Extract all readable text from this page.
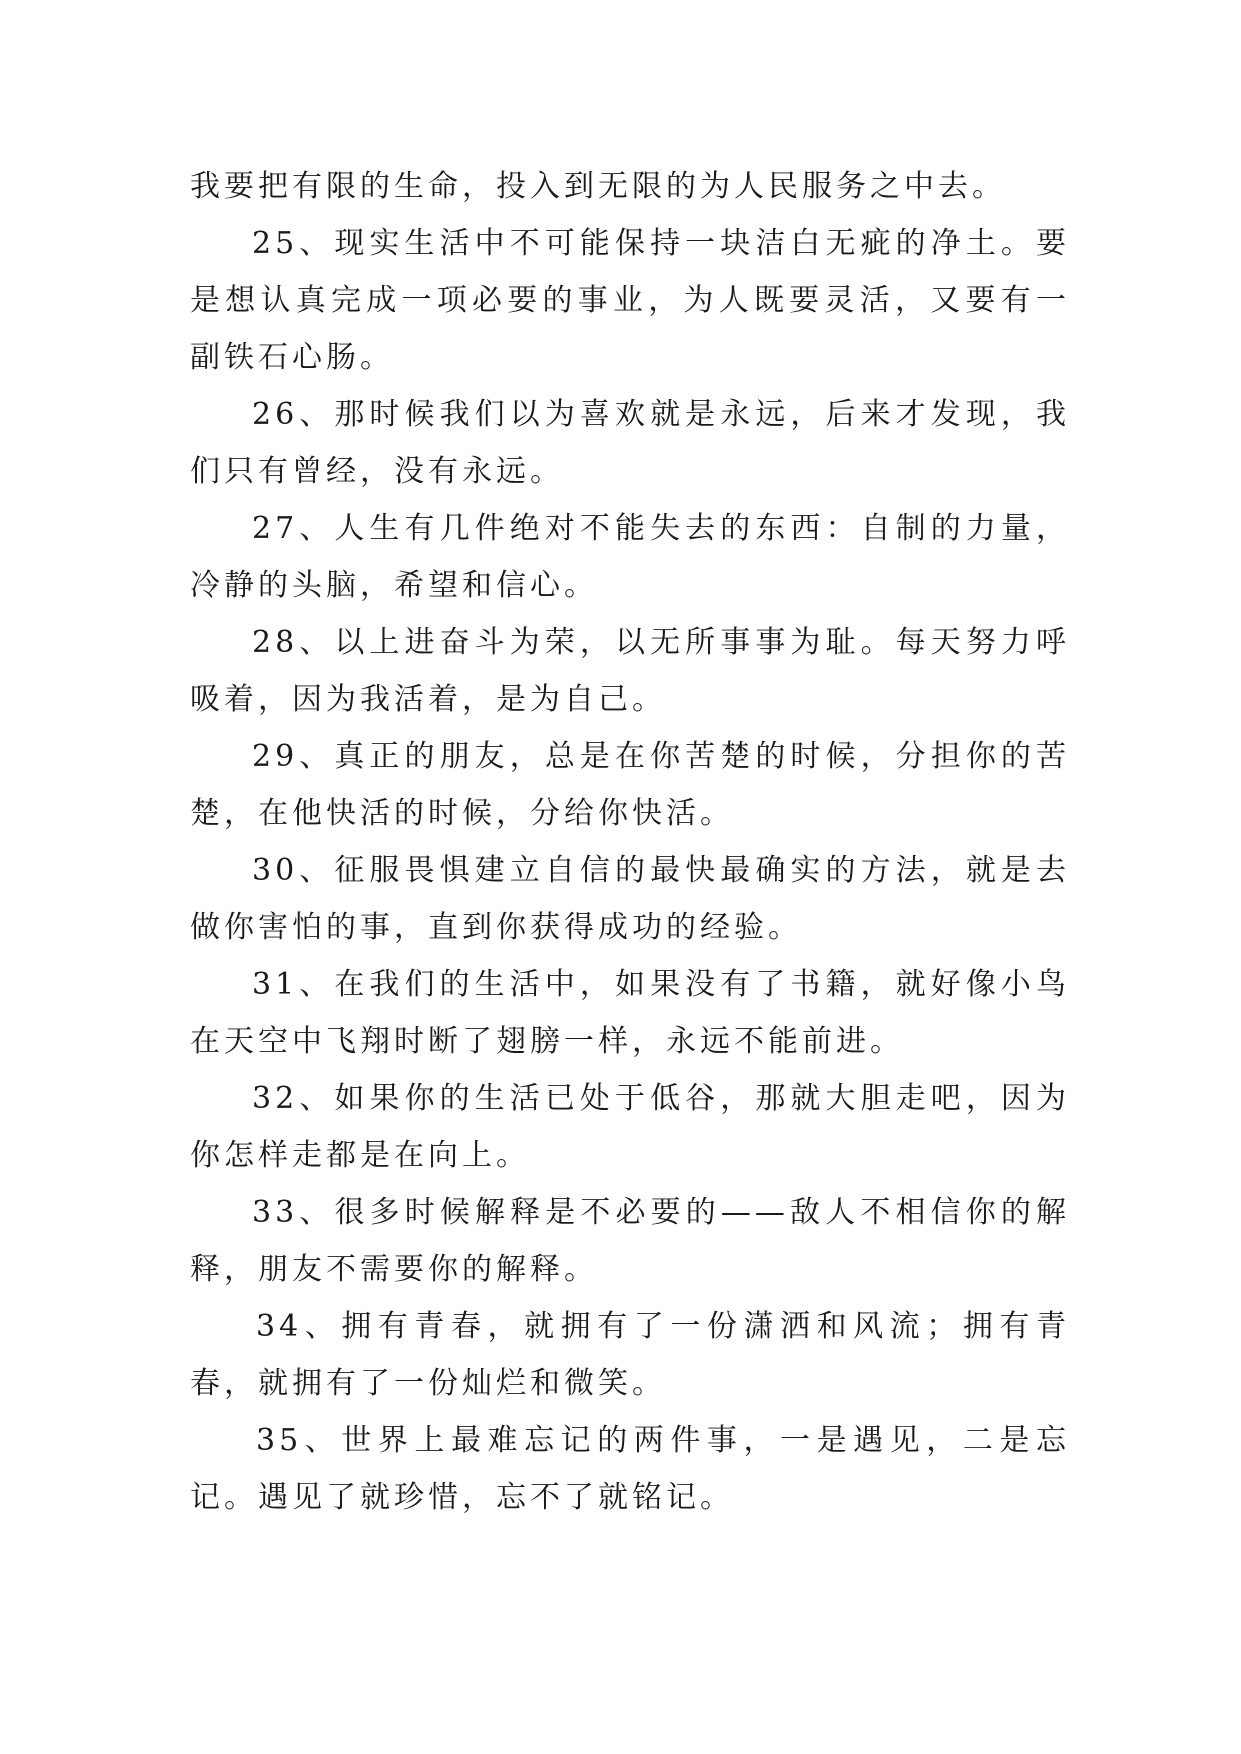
我要把有限的生命，投入到无限的为人民服务之中去。

25、现实生活中不可能保持一块洁白无疵的净土。要是想认真完成一项必要的事业，为人既要灵活，又要有一副铁石心肠。

26、那时候我们以为喜欢就是永远，后来才发现，我们只有曾经，没有永远。

27、人生有几件绝对不能失去的东西：自制的力量，冷静的头脑，希望和信心。

28、以上进奋斗为荣，以无所事事为耻。每天努力呼吸着，因为我活着，是为自己。

29、真正的朋友，总是在你苦楚的时候，分担你的苦楚，在他快活的时候，分给你快活。

30、征服畏惧建立自信的最快最确实的方法，就是去做你害怕的事，直到你获得成功的经验。

31、在我们的生活中，如果没有了书籍，就好像小鸟在天空中飞翔时断了翅膀一样，永远不能前进。

32、如果你的生活已处于低谷，那就大胆走吧，因为你怎样走都是在向上。

33、很多时候解释是不必要的——敌人不相信你的解释，朋友不需要你的解释。

34、拥有青春，就拥有了一份潇洒和风流；拥有青春，就拥有了一份灿烂和微笑。

35、世界上最难忘记的两件事，一是遇见，二是忘记。遇见了就珍惜，忘不了就铭记。
